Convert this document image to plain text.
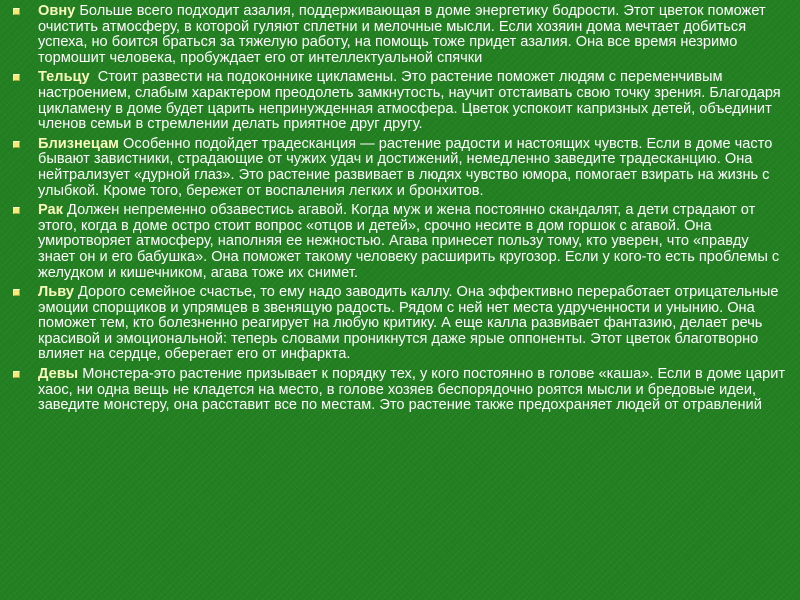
Овну Больше всего подходит азалия, поддерживающая в доме энергетику бодрости. Этот цветок поможет очистить атмосферу, в которой гуляют сплетни и мелочные мысли. Если хозяин дома мечтает добиться успеха, но боится браться за тяжелую работу, на помощь тоже придет азалия. Она все время незримо тормошит человека, пробуждает его от интеллектуальной спячки
Тельцу  Стоит развести на подоконнике цикламены. Это растение поможет людям с переменчивым настроением, слабым характером преодолеть замкнутость, научит отстаивать свою точку зрения. Благодаря цикламену в доме будет царить непринужденная атмосфера. Цветок успокоит капризных детей, объединит членов семьи в стремлении делать приятное друг другу.
Близнецам Особенно подойдет традесканция — растение радости и настоящих чувств. Если в доме часто бывают завистники, страдающие от чужих удач и достижений, немедленно заведите традесканцию. Она нейтрализует «дурной глаз». Это растение развивает в людях чувство юмора, помогает взирать на жизнь с улыбкой. Кроме того, бережет от воспаления легких и бронхитов.
Рак Должен непременно обзавестись агавой. Когда муж и жена постоянно скандалят, а дети страдают от этого, когда в доме остро стоит вопрос «отцов и детей», срочно несите в дом горшок с агавой. Она умиротворяет атмосферу, наполняя ее нежностью. Агава принесет пользу тому, кто уверен, что «правду знает он и его бабушка». Она поможет такому человеку расширить кругозор. Если у кого-то есть проблемы с желудком и кишечником, агава тоже их снимет.
Льву Дорого семейное счастье, то ему надо заводить каллу. Она эффективно переработает отрицательные эмоции спорщиков и упрямцев в звенящую радость. Рядом с ней нет места удрученности и унынию. Она поможет тем, кто болезненно реагирует на любую критику. А еще калла развивает фантазию, делает речь красивой и эмоциональной: теперь словами проникнутся даже ярые оппоненты. Этот цветок благотворно влияет на сердце, оберегает его от инфаркта.
Девы Монстера-это растение призывает к порядку тех, у кого постоянно в голове «каша». Если в доме царит хаос, ни одна вещь не кладется на место, в голове хозяев беспорядочно роятся мысли и бредовые идеи, заведите монстеру, она расставит все по местам. Это растение также предохраняет людей от отравлений
